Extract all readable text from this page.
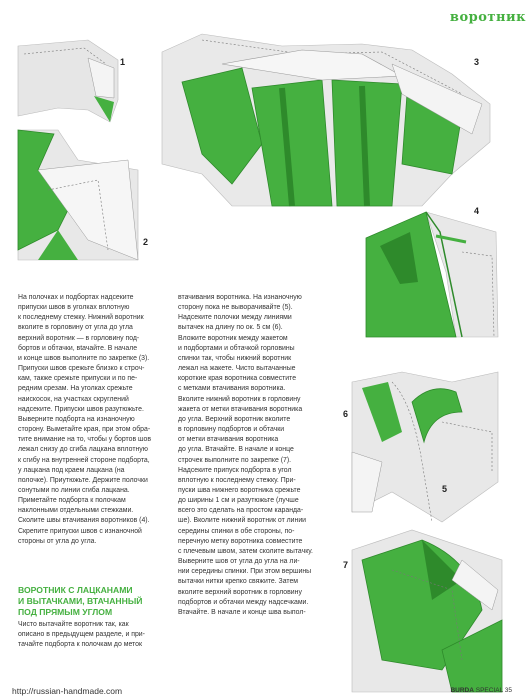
воротник
1
2
3
4
6
5
7
На полочках и подбортах надсеките
припуски швов в уголках вплотную
к последнему стежку. Нижний воротник
вколите в горловину от угла до угла
верхний воротник — в горловину под-
бортов и обтачки, вtачайте. В начале
и конце швов выполните по закрепке (3).
Припуски швов срежьте близко к строч-
кам, также срежьте припуски и по пе-
редним срезам. На уголках срежьте
наискосок, на участках скруглений
надсеките. Припуски швов разутюжьте.
Выверните подборта на изнаночную
сторону. Выметайте края, при этом обра-
тите внимание на то, чтобы у бортов шов
лежал снизу до сгиба лацкана вплотную
к сгибу на внутренней стороне подборта,
у лацкана под краем лацкана (на
полочке). Приутюжьте. Держите полочки
сонутыми по линии сгиба лацкана.
Приметайте подборта к полочкам
наклонными отдельными стежками.
Сколите швы втачивания воротников (4).
Скрепите припуски швов с изнаночной
стороны от угла до угла.
ВОРОТНИК С ЛАЦКАНАМИ
И ВЫТАЧКАМИ, ВТАЧАННЫЙ
ПОД ПРЯМЫМ УГЛОМ
Чисто вытачайте воротник так, как
описано в предыдущем разделе, и при-
тачайте подборта к полочкам до меток
втачивания воротника. На изнаночную
сторону пока не выворачивайте (5).
Надсеките полочки между линиями
вытачек на длину по ок. 5 см (6).
Вложите воротник между жакетом
и подбортами и обтачкой горловины
спинки так, чтобы нижний воротник
лежал на жакете. Чисто вытачанные
короткие края воротника совместите
с метками втачивания воротника.
Вколите нижний воротник в горловину
жакета от метки втачивания воротника
до угла. Верхний воротник вколите
в горловину подбортов и обтачки
от метки втачивания воротника
до угла. Втачайте. В начале и конце
строчек выполните по закрепке (7).
Надсеките припуск подборта в угол
вплотную к последнему стежку. При-
пуски шва нижнего воротника срежьте
до ширины 1 см и разутюжьте (лучше
всего это сделать на простом каранда-
ше). Вколите нижний воротник от линии
середины спинки в обе стороны, по-
перечную метку воротника совместите
с плечевым швом, затем сколите вытачку.
Выверните шов от угла до угла на ли-
нии середины спинки. При этом вершины
вытачки нитки крепко свяжите. Затем
вколите верхний воротник в горловину
подбортов и обтачки между надсечками.
Втачайте. В начале и конце шва выпол-
BURDA SPECIAL 35
http://russian-handmade.com
